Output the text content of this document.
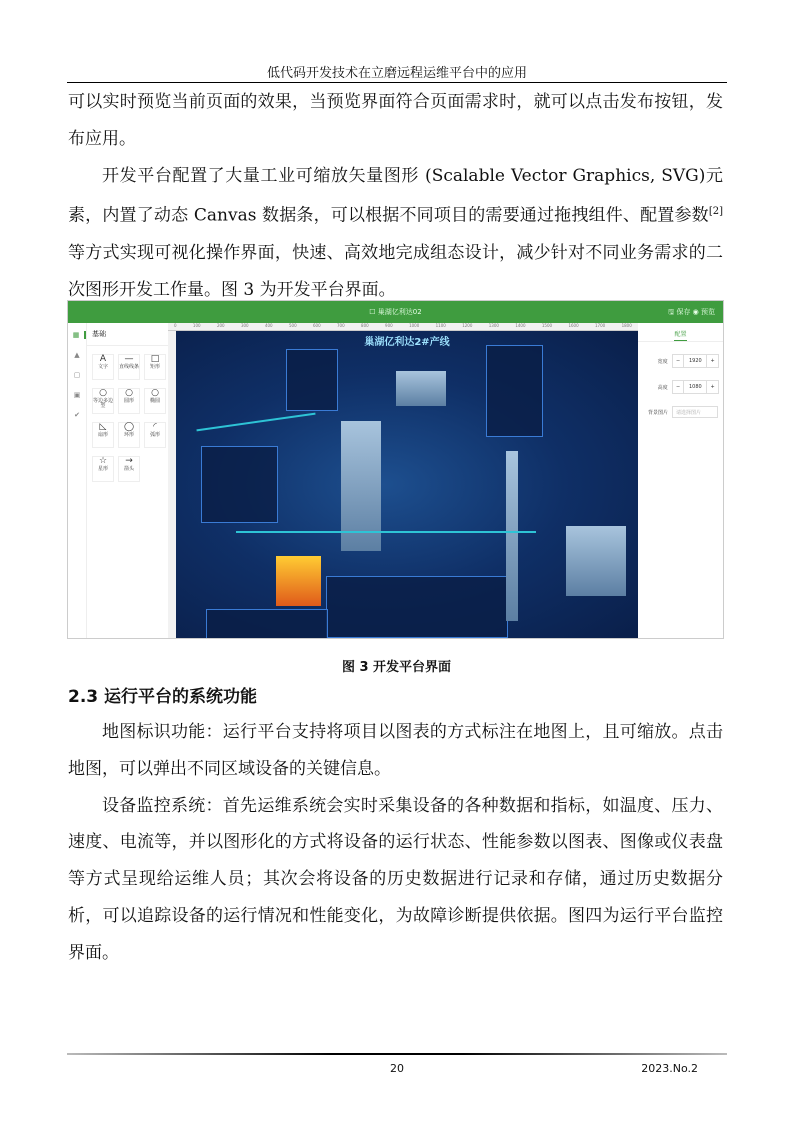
低代码开发技术在立磨远程运维平台中的应用

可以实时预览当前页面的效果，当预览界面符合页面需求时，就可以点击发布按钮，发布应用。

开发平台配置了大量工业可缩放矢量图形 (Scalable Vector Graphics, SVG)元素，内置了动态 Canvas 数据条，可以根据不同项目的需要通过拖拽组件、配置参数[2]等方式实现可视化操作界面，快速、高效地完成组态设计，减少针对不同业务需求的二次图形开发工作量。图 3 为开发平台界面。

☐ 巢湖亿利达02	🖫 保存 ◉ 预览
▦
▲
▢
▣
✔
基础
A
文字
—
直线线条
□
矩形
○
等边多边型
○
圆形
○
椭圆
◺
扇形
◯
环形
◜
弧形
☆
星形
→
箭头
0	100	200	300	400	500	600	700	800	900	1000	1100	1200	1300	1400	1500	1600	1700	1800
巢湖亿利达2#产线
配置
宽度	−	1920	+
高度	−	1080	+
背景图片	请选择图片
图 3 开发平台界面
2.3 运行平台的系统功能

地图标识功能：运行平台支持将项目以图表的方式标注在地图上，且可缩放。点击地图，可以弹出不同区域设备的关键信息。

设备监控系统：首先运维系统会实时采集设备的各种数据和指标，如温度、压力、速度、电流等，并以图形化的方式将设备的运行状态、性能参数以图表、图像或仪表盘等方式呈现给运维人员；其次会将设备的历史数据进行记录和存储，通过历史数据分析，可以追踪设备的运行情况和性能变化，为故障诊断提供依据。图四为运行平台监控界面。

20	2023.No.2
